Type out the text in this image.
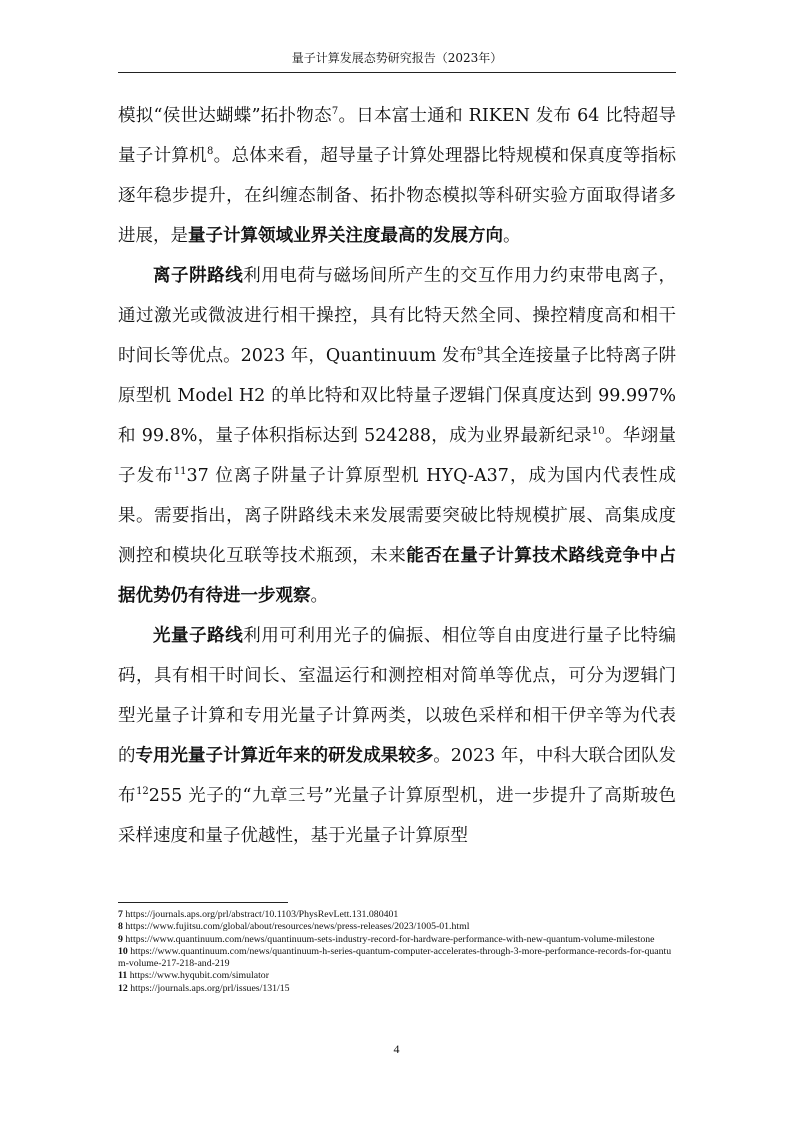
量子计算发展态势研究报告（2023年）

模拟“侯世达蝴蝶”拓扑物态$^7$。日本富士通和 RIKEN 发布 64 比特超导量子计算机$^8$。总体来看，超导量子计算处理器比特规模和保真度等指标逐年稳步提升，在纠缠态制备、拓扑物态模拟等科研实验方面取得诸多进展，是量子计算领域业界关注度最高的发展方向。

离子阱路线利用电荷与磁场间所产生的交互作用力约束带电离子，通过激光或微波进行相干操控，具有比特天然全同、操控精度高和相干时间长等优点。2023 年，Quantinuum 发布$^9$其全连接量子比特离子阱原型机 Model H2 的单比特和双比特量子逻辑门保真度达到 99.997%和 99.8%，量子体积指标达到 524288，成为业界最新纪录$^{10}$。华翊量子发布$^{11}$37 位离子阱量子计算原型机 HYQ-A37，成为国内代表性成果。需要指出，离子阱路线未来发展需要突破比特规模扩展、高集成度测控和模块化互联等技术瓶颈，未来能否在量子计算技术路线竞争中占据优势仍有待进一步观察。

光量子路线利用可利用光子的偏振、相位等自由度进行量子比特编码，具有相干时间长、室温运行和测控相对简单等优点，可分为逻辑门型光量子计算和专用光量子计算两类，以玻色采样和相干伊辛等为代表的专用光量子计算近年来的研发成果较多。2023 年，中科大联合团队发布$^{12}$255 光子的“九章三号”光量子计算原型机，进一步提升了高斯玻色采样速度和量子优越性，基于光量子计算原型

7 https://journals.aps.org/prl/abstract/10.1103/PhysRevLett.131.080401

8 https://www.fujitsu.com/global/about/resources/news/press-releases/2023/1005-01.html

9 https://www.quantinuum.com/news/quantinuum-sets-industry-record-for-hardware-performance-with-new-quantum-volume-milestone

10 https://www.quantinuum.com/news/quantinuum-h-series-quantum-computer-accelerates-through-3-more-performance-records-for-quantum-volume-217-218-and-219

11 https://www.hyqubit.com/simulator

12 https://journals.aps.org/prl/issues/131/15

4
